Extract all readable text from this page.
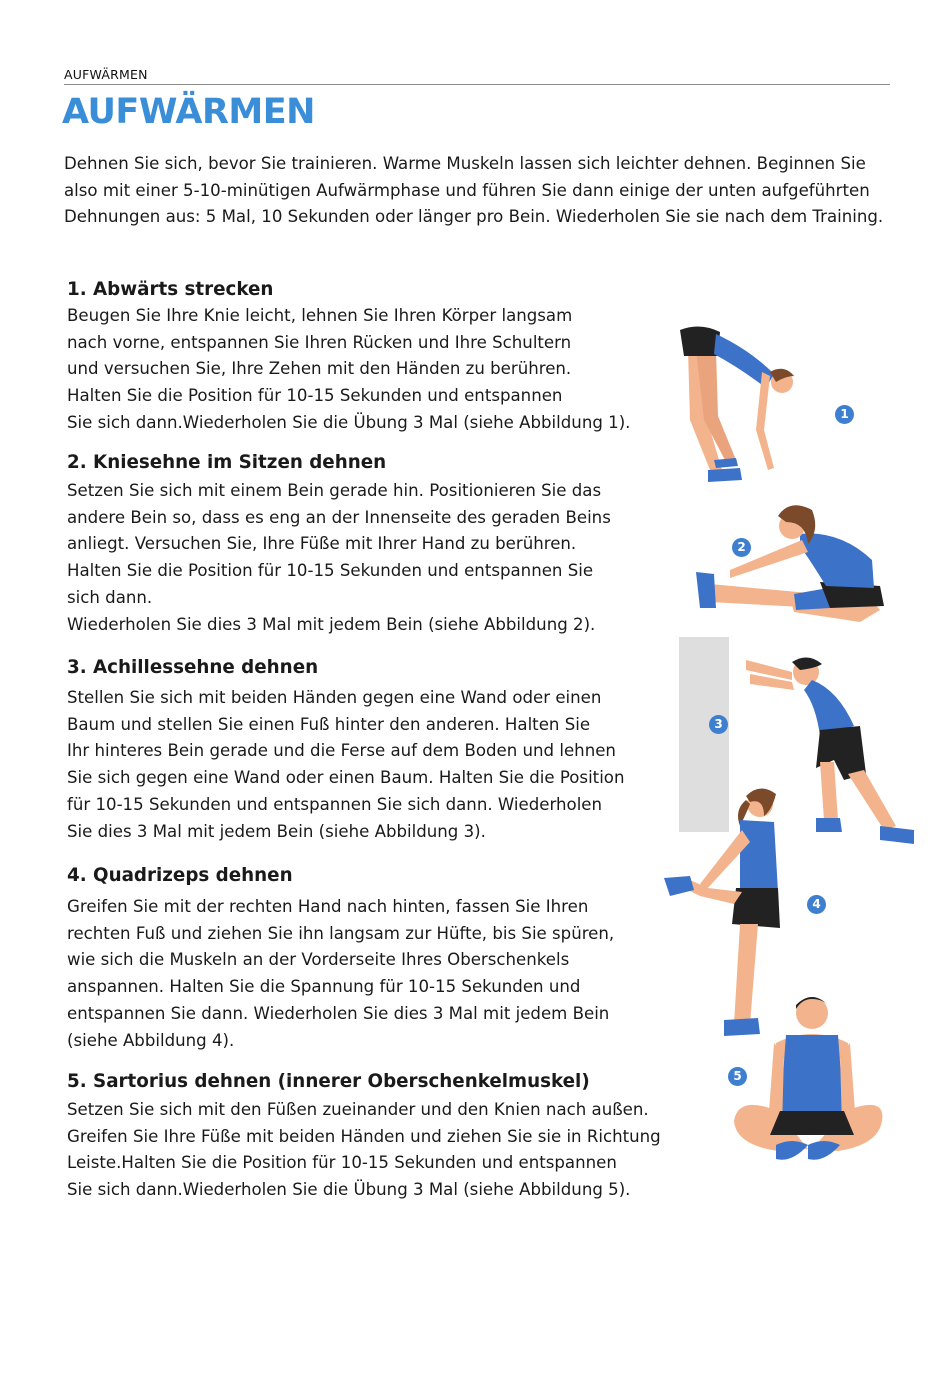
AUFWÄRMEN
AUFWÄRMEN

Dehnen Sie sich, bevor Sie trainieren. Warme Muskeln lassen sich leichter dehnen. Beginnen Sie also mit einer 5-10-minütigen Aufwärmphase und führen Sie dann einige der unten aufgeführten Dehnungen aus: 5 Mal, 10 Sekunden oder länger pro Bein. Wiederholen Sie sie nach dem Training.

1. Abwärts strecken

Beugen Sie Ihre Knie leicht, lehnen Sie Ihren Körper langsam
nach vorne, entspannen Sie Ihren Rücken und Ihre Schultern
und versuchen Sie, Ihre Zehen mit den Händen zu berühren.
Halten Sie die Position für 10-15 Sekunden und entspannen
Sie sich dann.Wiederholen Sie die Übung 3 Mal (siehe Abbildung 1).

2. Kniesehne im Sitzen dehnen

Setzen Sie sich mit einem Bein gerade hin. Positionieren Sie das
andere Bein so, dass es eng an der Innenseite des geraden Beins
anliegt. Versuchen Sie, Ihre Füße mit Ihrer Hand zu berühren.
Halten Sie die Position für 10-15 Sekunden und entspannen Sie
sich dann.
Wiederholen Sie dies 3 Mal mit jedem Bein (siehe Abbildung 2).

3. Achillessehne dehnen

Stellen Sie sich mit beiden Händen gegen eine Wand oder einen
Baum und stellen Sie einen Fuß hinter den anderen. Halten Sie
Ihr hinteres Bein gerade und die Ferse auf dem Boden und lehnen
Sie sich gegen eine Wand oder einen Baum. Halten Sie die Position
für 10-15 Sekunden und entspannen Sie sich dann. Wiederholen
Sie dies 3 Mal mit jedem Bein (siehe Abbildung 3).

4. Quadrizeps dehnen

Greifen Sie mit der rechten Hand nach hinten, fassen Sie Ihren
rechten Fuß und ziehen Sie ihn langsam zur Hüfte, bis Sie spüren,
wie sich die Muskeln an der Vorderseite Ihres Oberschenkels
anspannen. Halten Sie die Spannung für 10-15 Sekunden und
entspannen Sie dann. Wiederholen Sie dies 3 Mal mit jedem Bein
(siehe Abbildung 4).

5. Sartorius dehnen (innerer Oberschenkelmuskel)

Setzen Sie sich mit den Füßen zueinander und den Knien nach außen.
Greifen Sie Ihre Füße mit beiden Händen und ziehen Sie sie in Richtung
Leiste.Halten Sie die Position für 10-15 Sekunden und entspannen
Sie sich dann.Wiederholen Sie die Übung 3 Mal (siehe Abbildung 5).

1
2
3
4
5
